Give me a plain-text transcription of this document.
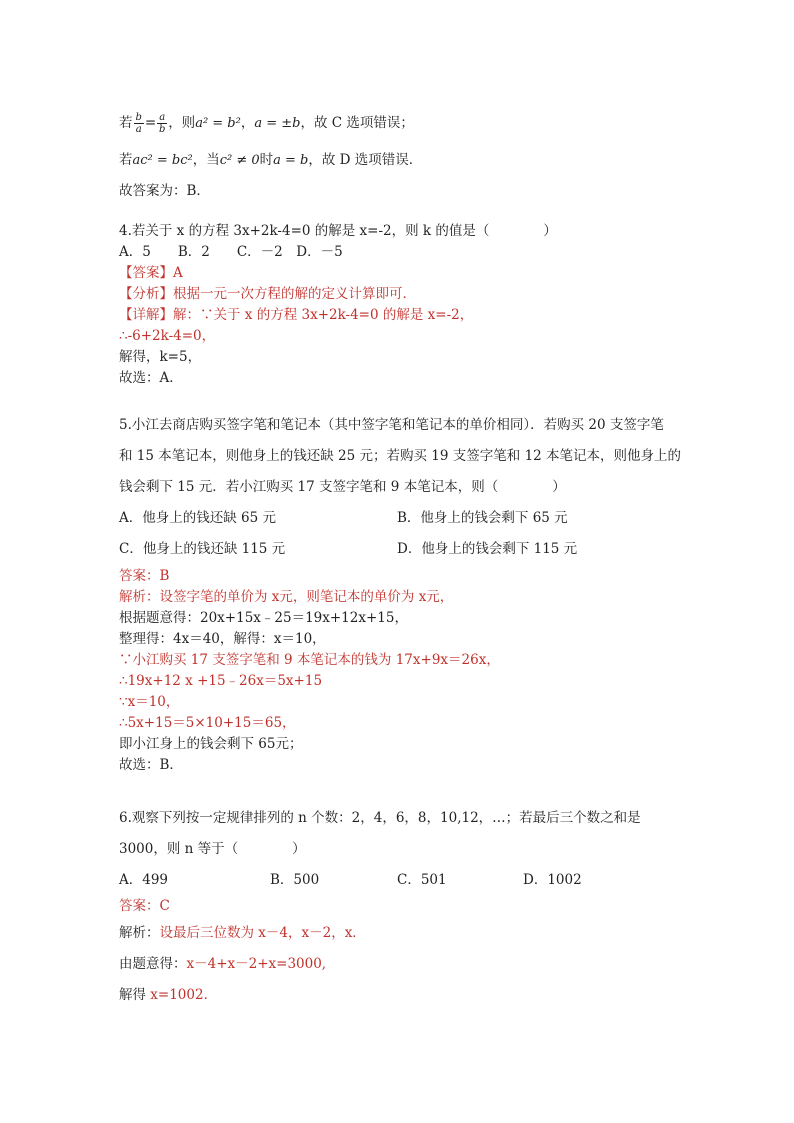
若 $\frac{b}{a} = \frac{a}{b}$ ，则a² = b²，a = ±b，故 C 选项错误；
若ac² = bc²，当c² ≠ 0时a = b，故 D 选项错误．
故答案为：B．
4.若关于 x 的方程 3x+2k-4=0 的解是 x=-2，则 k 的值是（　　　　）
A．5　　B．2　　C．－2　D．－5
【答案】A
【分析】根据一元一次方程的解的定义计算即可．
【详解】解：∵关于 x 的方程 3x+2k-4=0 的解是 x=-2，
∴-6+2k-4=0，
解得，k=5，
故选：A．
5.小江去商店购买签字笔和笔记本（其中签字笔和笔记本的单价相同）．若购买 20 支签字笔
和 15 本笔记本，则他身上的钱还缺 25 元；若购买 19 支签字笔和 12 本笔记本，则他身上的
钱会剩下 15 元．若小江购买 17 支签字笔和 9 本笔记本，则（　　　　）
A．他身上的钱还缺 65 元	B．他身上的钱会剩下 65 元
C．他身上的钱还缺 115 元	D．他身上的钱会剩下 115 元
答案：B
解析：设签字笔的单价为 x元，则笔记本的单价为 x元，
根据题意得：20x+15x﹣25＝19x+12x+15，
整理得：4x＝40，解得：x＝10，
∵小江购买 17 支签字笔和 9 本笔记本的钱为 17x+9x＝26x，
∴19x+12 x +15﹣26x＝5x+15
∵x＝10，
∴5x+15＝5×10+15＝65，
即小江身上的钱会剩下 65元；
故选：B．
6.观察下列按一定规律排列的 n 个数：2，4，6，8，10,12，…；若最后三个数之和是
3000，则 n 等于（　　　　）
A．499	B．500	C．501	D．1002
答案：C
解析：设最后三位数为 x－4，x－2，x．
由题意得：x－4+x－2+x=3000,
解得 x=1002．
